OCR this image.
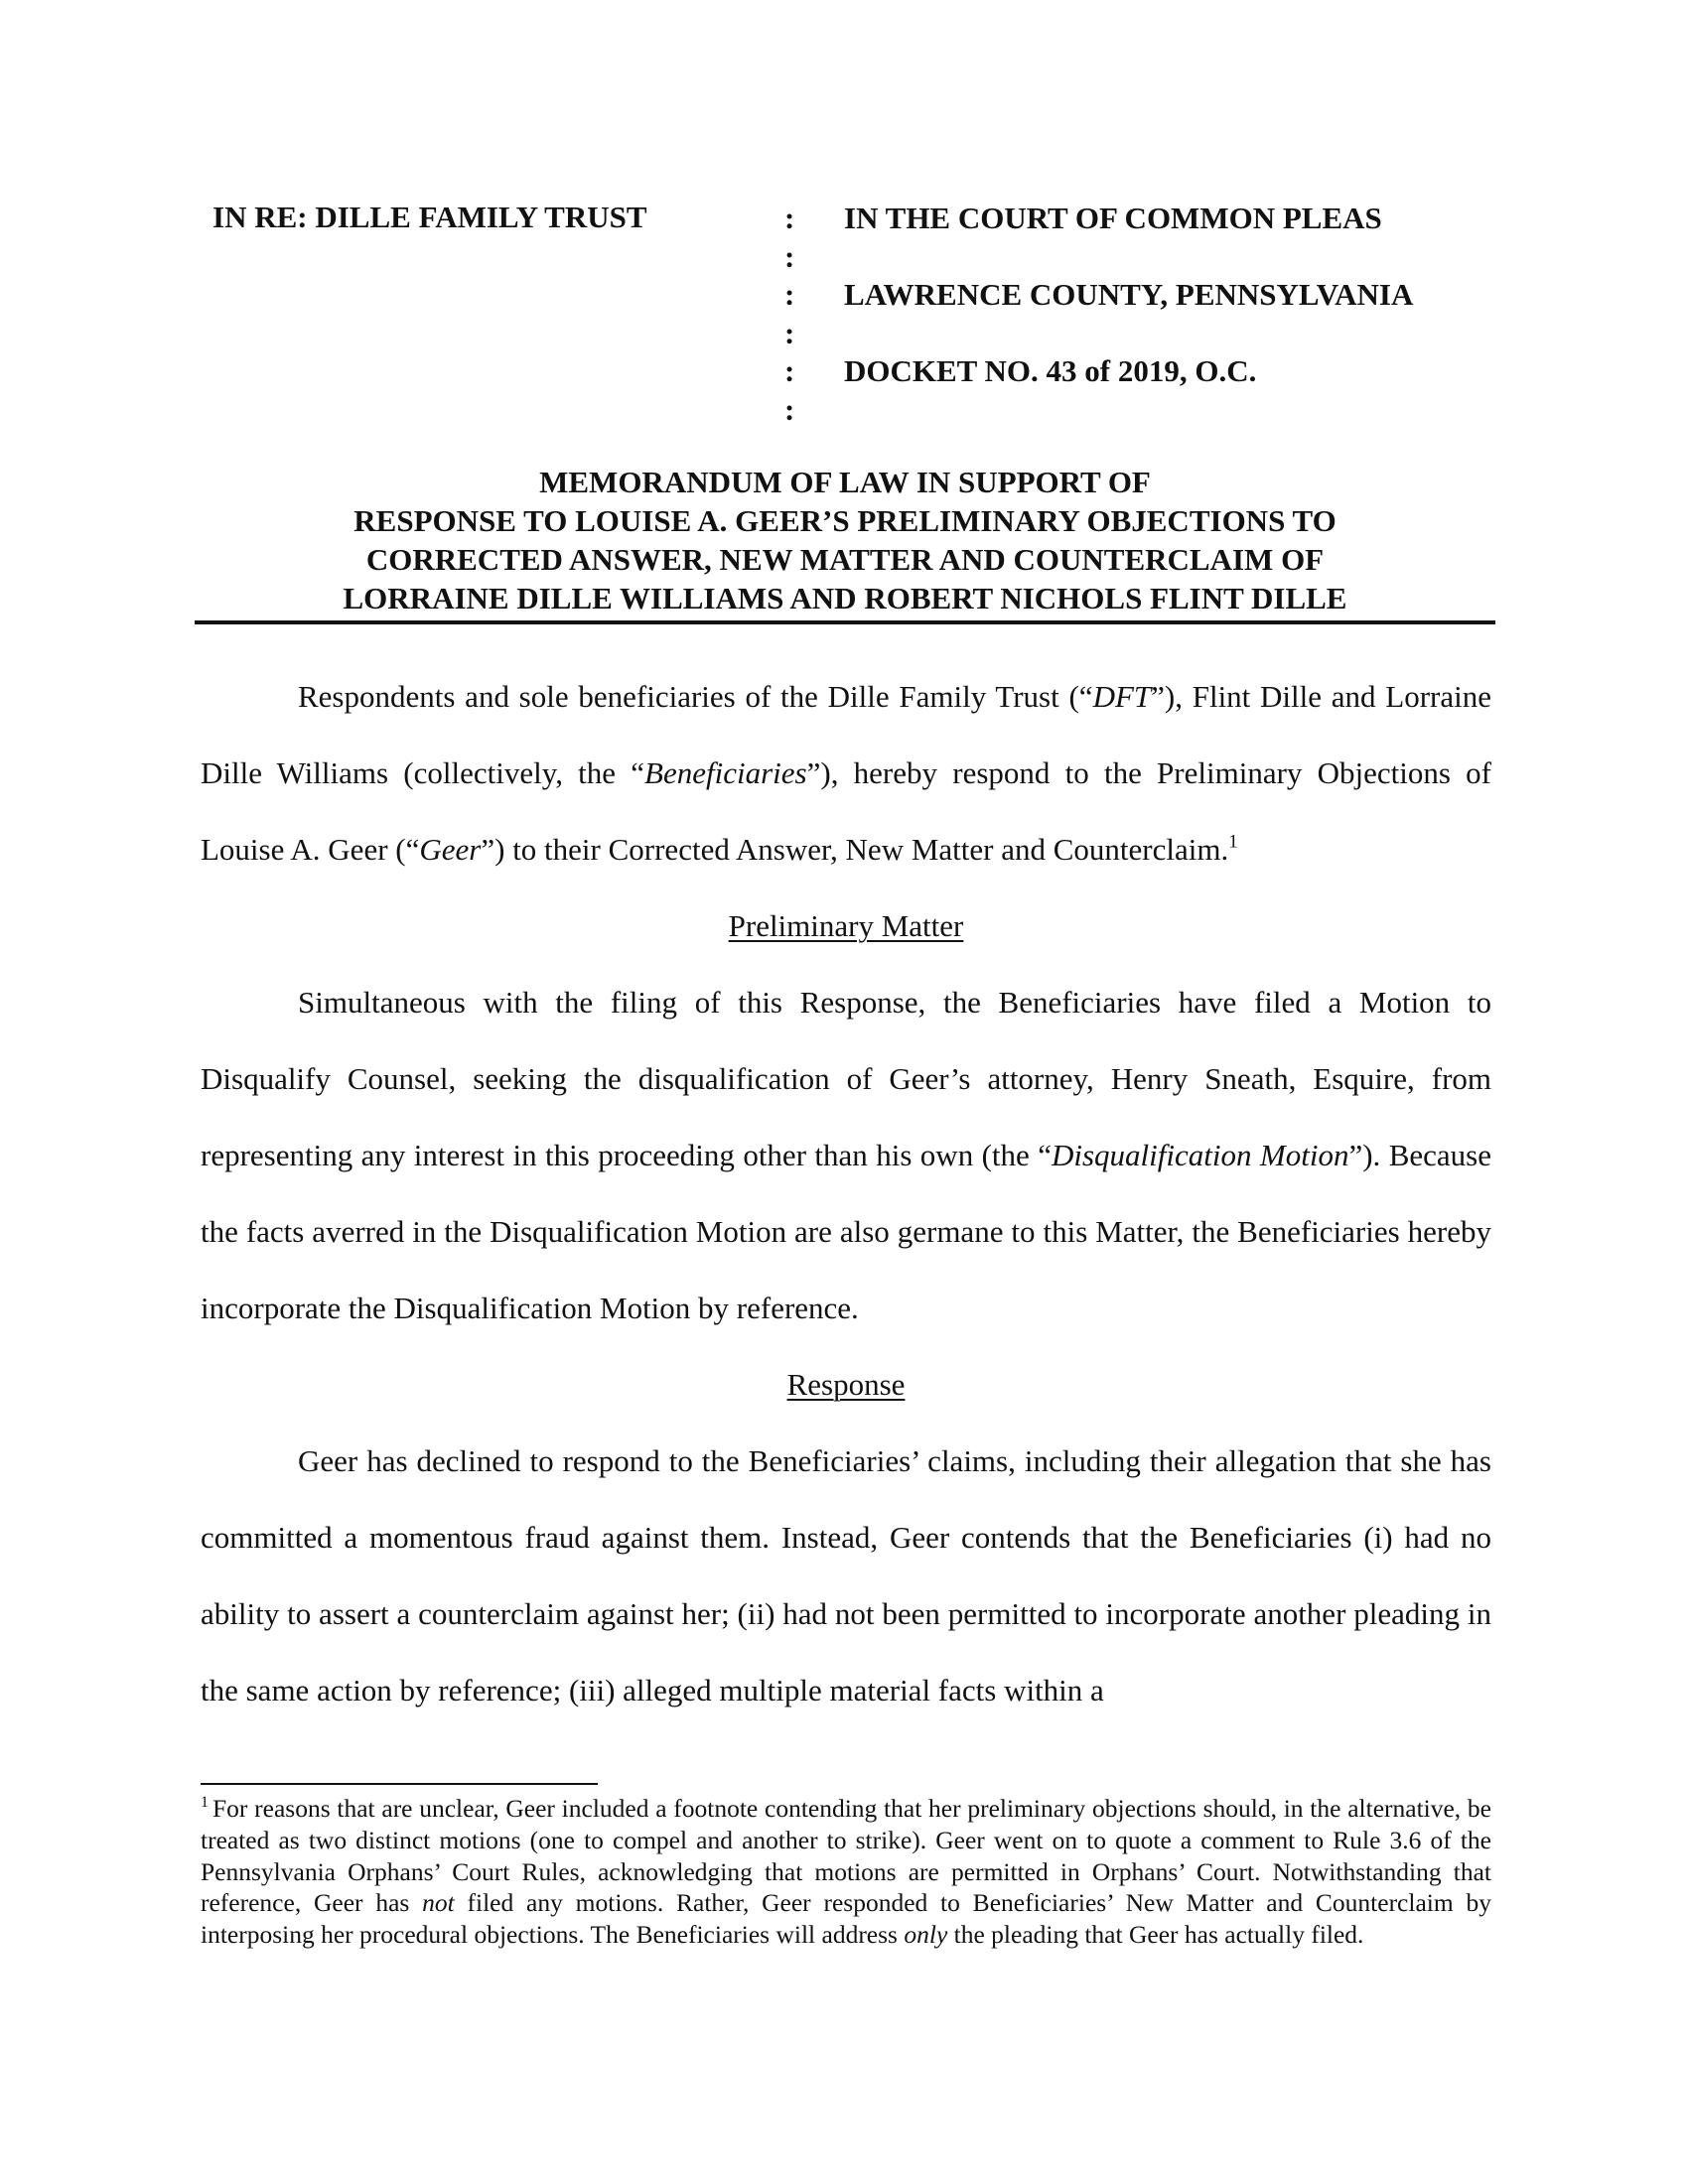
IN RE: DILLE FAMILY TRUST	:
:
:
:
:
:
IN THE COURT OF COMMON PLEAS
LAWRENCE COUNTY, PENNSYLVANIA
DOCKET NO. 43 of 2019, O.C.
MEMORANDUM OF LAW IN SUPPORT OF
RESPONSE TO LOUISE A. GEER’S PRELIMINARY OBJECTIONS TO
CORRECTED ANSWER, NEW MATTER AND COUNTERCLAIM OF
LORRAINE DILLE WILLIAMS AND ROBERT NICHOLS FLINT DILLE

Respondents and sole beneficiaries of the Dille Family Trust (“DFT”), Flint Dille and Lorraine Dille Williams (collectively, the “Beneficiaries”), hereby respond to the Preliminary Objections of Louise A. Geer (“Geer”) to their Corrected Answer, New Matter and Counterclaim.$^1$

Preliminary Matter

Simultaneous with the filing of this Response, the Beneficiaries have filed a Motion to Disqualify Counsel, seeking the disqualification of Geer’s attorney, Henry Sneath, Esquire, from representing any interest in this proceeding other than his own (the “Disqualification Motion”). Because the facts averred in the Disqualification Motion are also germane to this Matter, the Beneficiaries hereby incorporate the Disqualification Motion by reference.

Response

Geer has declined to respond to the Beneficiaries’ claims, including their allegation that she has committed a momentous fraud against them. Instead, Geer contends that the Beneficiaries (i) had no ability to assert a counterclaim against her; (ii) had not been permitted to incorporate another pleading in the same action by reference; (iii) alleged multiple material facts within a

$^1$ For reasons that are unclear, Geer included a footnote contending that her preliminary objections should, in the alternative, be treated as two distinct motions (one to compel and another to strike). Geer went on to quote a comment to Rule 3.6 of the Pennsylvania Orphans’ Court Rules, acknowledging that motions are permitted in Orphans’ Court. Notwithstanding that reference, Geer has not filed any motions. Rather, Geer responded to Beneficiaries’ New Matter and Counterclaim by interposing her procedural objections. The Beneficiaries will address only the pleading that Geer has actually filed.
